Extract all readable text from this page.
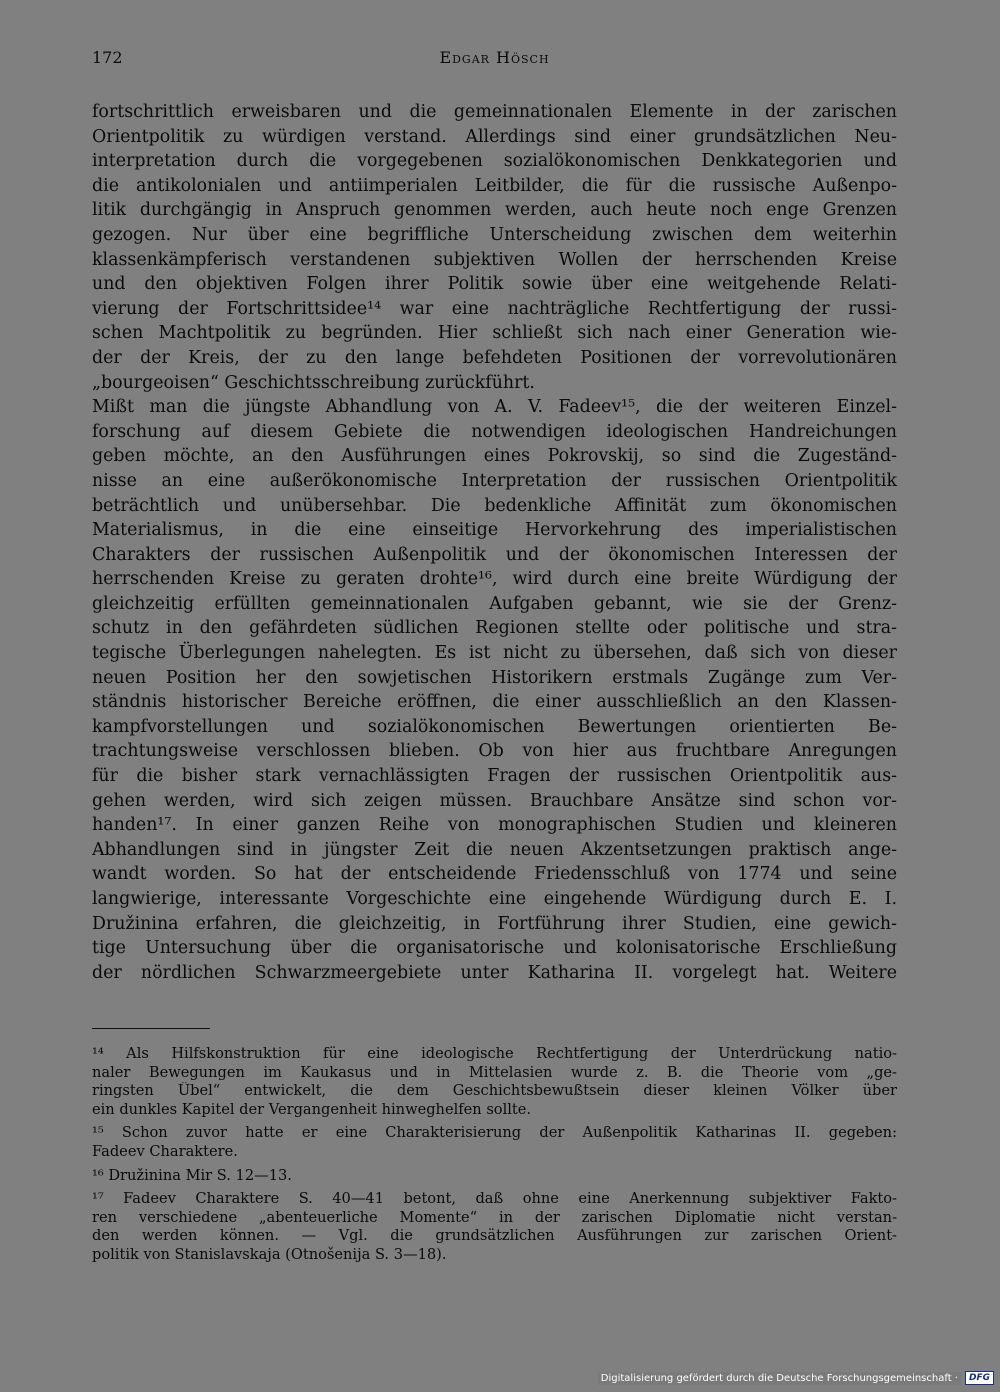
172	Edgar Hösch
fortschrittlich erweisbaren und die gemeinnationalen Elemente in der zarischen
Orientpolitik zu würdigen verstand. Allerdings sind einer grundsätzlichen Neu-
interpretation durch die vorgegebenen sozialökonomischen Denkkategorien und
die antikolonialen und antiimperialen Leitbilder, die für die russische Außenpo-
litik durchgängig in Anspruch genommen werden, auch heute noch enge Grenzen
gezogen. Nur über eine begriffliche Unterscheidung zwischen dem weiterhin
klassenkämpferisch verstandenen subjektiven Wollen der herrschenden Kreise
und den objektiven Folgen ihrer Politik sowie über eine weitgehende Relati-
vierung der Fortschrittsidee¹⁴ war eine nachträgliche Rechtfertigung der russi-
schen Machtpolitik zu begründen. Hier schließt sich nach einer Generation wie-
der der Kreis, der zu den lange befehdeten Positionen der vorrevolutionären
„bourgeoisen“ Geschichtsschreibung zurückführt.
Mißt man die jüngste Abhandlung von A. V. Fadeev¹⁵, die der weiteren Einzel-
forschung auf diesem Gebiete die notwendigen ideologischen Handreichungen
geben möchte, an den Ausführungen eines Pokrovskij, so sind die Zugeständ-
nisse an eine außerökonomische Interpretation der russischen Orientpolitik
beträchtlich und unübersehbar. Die bedenkliche Affinität zum ökonomischen
Materialismus, in die eine einseitige Hervorkehrung des imperialistischen
Charakters der russischen Außenpolitik und der ökonomischen Interessen der
herrschenden Kreise zu geraten drohte¹⁶, wird durch eine breite Würdigung der
gleichzeitig erfüllten gemeinnationalen Aufgaben gebannt, wie sie der Grenz-
schutz in den gefährdeten südlichen Regionen stellte oder politische und stra-
tegische Überlegungen nahelegten. Es ist nicht zu übersehen, daß sich von dieser
neuen Position her den sowjetischen Historikern erstmals Zugänge zum Ver-
ständnis historischer Bereiche eröffnen, die einer ausschließlich an den Klassen-
kampfvorstellungen und sozialökonomischen Bewertungen orientierten Be-
trachtungsweise verschlossen blieben. Ob von hier aus fruchtbare Anregungen
für die bisher stark vernachlässigten Fragen der russischen Orientpolitik aus-
gehen werden, wird sich zeigen müssen. Brauchbare Ansätze sind schon vor-
handen¹⁷. In einer ganzen Reihe von monographischen Studien und kleineren
Abhandlungen sind in jüngster Zeit die neuen Akzentsetzungen praktisch ange-
wandt worden. So hat der entscheidende Friedensschluß von 1774 und seine
langwierige, interessante Vorgeschichte eine eingehende Würdigung durch E. I.
Družinina erfahren, die gleichzeitig, in Fortführung ihrer Studien, eine gewich-
tige Untersuchung über die organisatorische und kolonisatorische Erschließung
der nördlichen Schwarzmeergebiete unter Katharina II. vorgelegt hat. Weitere
¹⁴ Als Hilfskonstruktion für eine ideologische Rechtfertigung der Unterdrückung natio-
naler Bewegungen im Kaukasus und in Mittelasien wurde z. B. die Theorie vom „ge-
ringsten Übel“ entwickelt, die dem Geschichtsbewußtsein dieser kleinen Völker über
ein dunkles Kapitel der Vergangenheit hinweghelfen sollte.
¹⁵ Schon zuvor hatte er eine Charakterisierung der Außenpolitik Katharinas II. gegeben:
Fadeev Charaktere.
¹⁶ Družinina Mir S. 12—13.
¹⁷ Fadeev Charaktere S. 40—41 betont, daß ohne eine Anerkennung subjektiver Fakto-
ren verschiedene „abenteuerliche Momente“ in der zarischen Diplomatie nicht verstan-
den werden können. — Vgl. die grundsätzlichen Ausführungen zur zarischen Orient-
politik von Stanislavskaja (Otnošenija S. 3—18).
Digitalisierung gefördert durch die Deutsche Forschungsgemeinschaft ·	DFG
